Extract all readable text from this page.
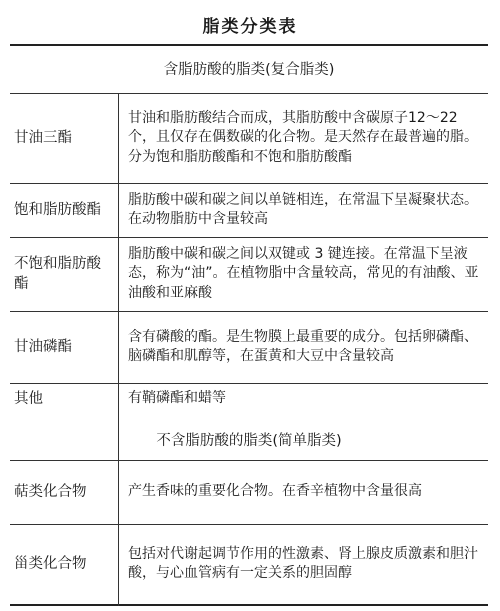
脂类分类表
含脂肪酸的脂类(复合脂类)
甘油三酯
甘油和脂肪酸结合而成，其脂肪酸中含碳原子12～22个，且仅存在偶数碳的化合物。是天然存在最普遍的脂。分为饱和脂肪酸酯和不饱和脂肪酸酯
饱和脂肪酸酯
脂肪酸中碳和碳之间以单链相连，在常温下呈凝聚状态。在动物脂肪中含量较高
不饱和脂肪酸酯
脂肪酸中碳和碳之间以双键或 3 键连接。在常温下呈液态，称为“油”。在植物脂中含量较高，常见的有油酸、亚油酸和亚麻酸
甘油磷酯
含有磷酸的酯。是生物膜上最重要的成分。包括卵磷酯、脑磷酯和肌醇等，在蛋黄和大豆中含量较高
其他	有鞘磷酯和蜡等
不含脂肪酸的脂类(简单脂类)
萜类化合物	产生香味的重要化合物。在香辛植物中含量很高
甾类化合物
包括对代谢起调节作用的性激素、肾上腺皮质激素和胆汁酸，与心血管病有一定关系的胆固醇
